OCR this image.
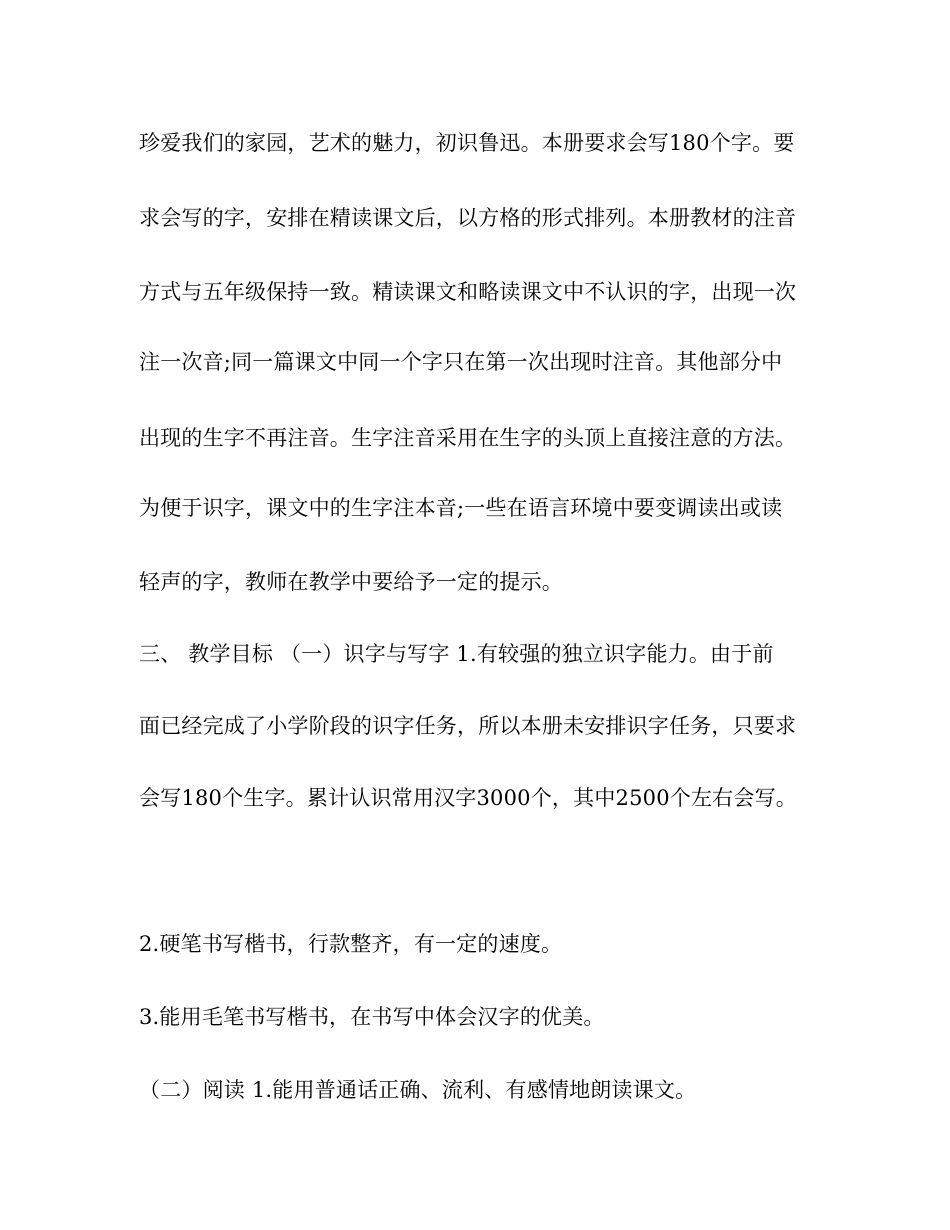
珍爱我们的家园，艺术的魅力，初识鲁迅。本册要求会写180个字。要
求会写的字，安排在精读课文后，以方格的形式排列。本册教材的注音
方式与五年级保持一致。精读课文和略读课文中不认识的字，出现一次
注一次音;同一篇课文中同一个字只在第一次出现时注音。其他部分中
出现的生字不再注音。生字注音采用在生字的头顶上直接注意的方法。
为便于识字，课文中的生字注本音;一些在语言环境中要变调读出或读
轻声的字，教师在教学中要给予一定的提示。
三、 教学目标 （一）识字与写字 1.有较强的独立识字能力。由于前
面已经完成了小学阶段的识字任务，所以本册未安排识字任务，只要求
会写180个生字。累计认识常用汉字3000个，其中2500个左右会写。
2.硬笔书写楷书，行款整齐，有一定的速度。
3.能用毛笔书写楷书，在书写中体会汉字的优美。
（二）阅读 1.能用普通话正确、流利、有感情地朗读课文。
